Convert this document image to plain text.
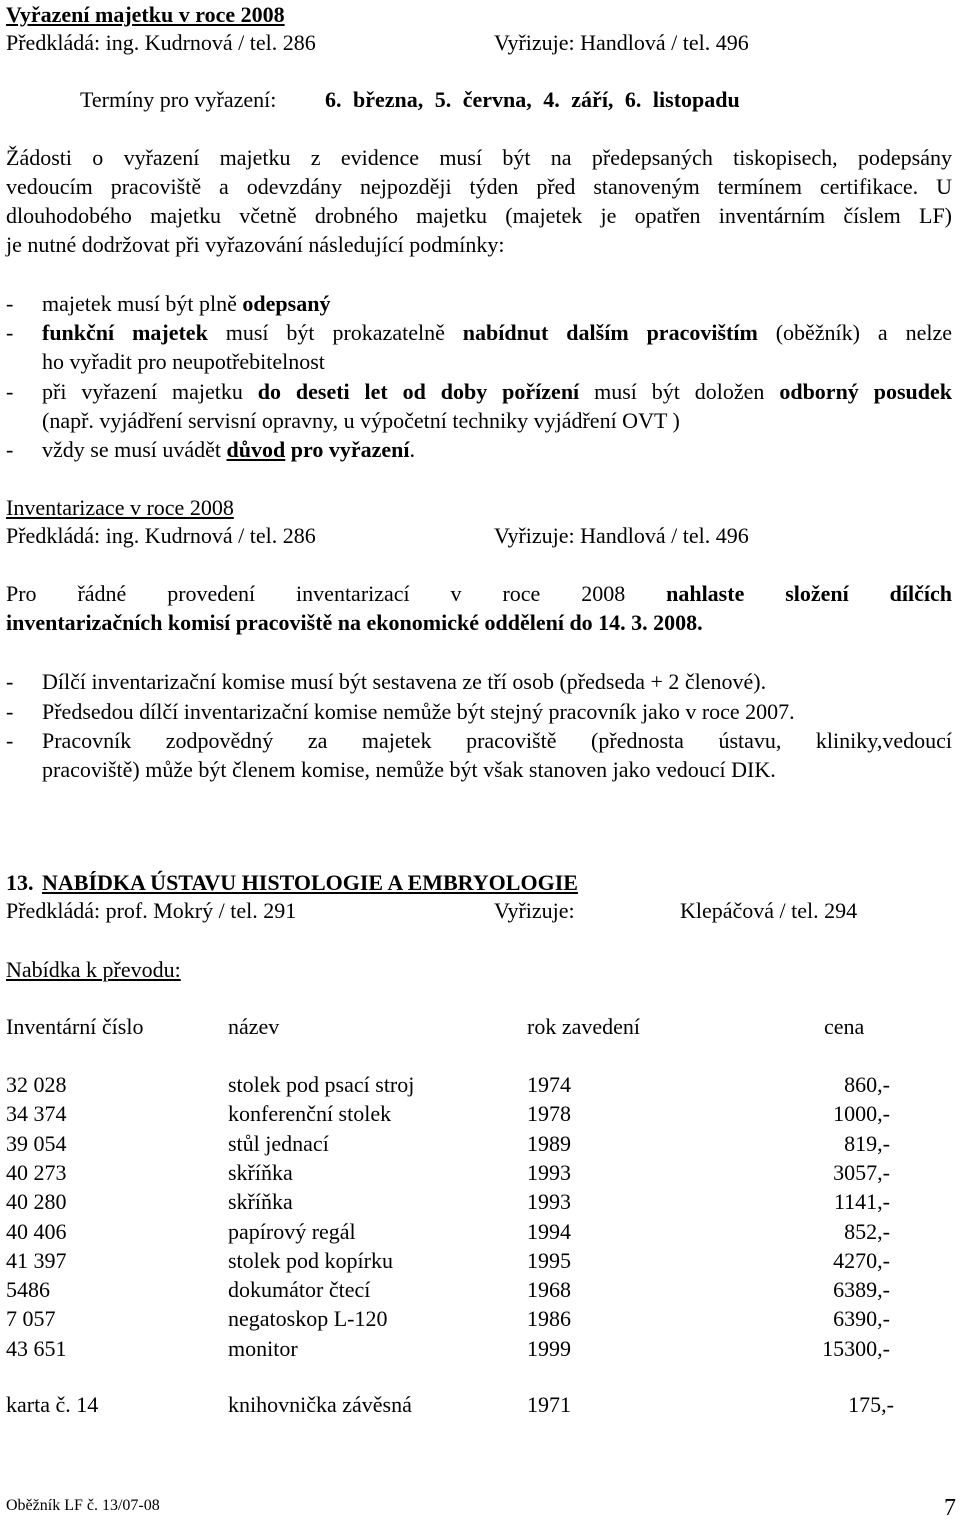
Vyřazení majetku v roce 2008
Předkládá: ing. Kudrnová / tel. 286	Vyřizuje: Handlová / tel. 496
Termíny pro vyřazení: 6. března, 5. června, 4. září, 6. listopadu
Žádosti o vyřazení majetku z evidence musí být na předepsaných tiskopisech, podepsány
vedoucím pracoviště a odevzdány nejpozději týden před stanoveným termínem certifikace. U
dlouhodobého majetku včetně drobného majetku (majetek je opatřen inventárním číslem LF)
je nutné dodržovat při vyřazování následující podmínky:
- majetek musí být plně odepsaný
- funkční majetek musí být prokazatelně nabídnut dalším pracovištím (oběžník) a nelze
ho vyřadit pro neupotřebitelnost
- při vyřazení majetku do deseti let od doby pořízení musí být doložen odborný posudek
(např. vyjádření servisní opravny, u výpočetní techniky vyjádření OVT )
- vždy se musí uvádět důvod pro vyřazení.
Inventarizace v roce 2008
Předkládá: ing. Kudrnová / tel. 286	Vyřizuje: Handlová / tel. 496
Pro řádné provedení inventarizací v roce 2008 nahlaste složení dílčích
inventarizačních komisí pracoviště na ekonomické oddělení do 14. 3. 2008.
- Dílčí inventarizační komise musí být sestavena ze tří osob (předseda + 2 členové).
- Předsedou dílčí inventarizační komise nemůže být stejný pracovník jako v roce 2007.
- Pracovník zodpovědný za majetek pracoviště (přednosta ústavu, kliniky,vedoucí
pracoviště) může být členem komise, nemůže být však stanoven jako vedoucí DIK.
13. NABÍDKA ÚSTAVU HISTOLOGIE A EMBRYOLOGIE
Předkládá: prof. Mokrý / tel. 291	Vyřizuje:	Klepáčová / tel. 294
Nabídka k převodu:
Inventární číslo	název	rok zavedení	cena
32 028	stolek pod psací stroj	1974	860,-
34 374	konferenční stolek	1978	1000,-
39 054	stůl jednací	1989	819,-
40 273	skříňka	1993	3057,-
40 280	skříňka	1993	1141,-
40 406	papírový regál	1994	852,-
41 397	stolek pod kopírku	1995	4270,-
5486	dokumátor čtecí	1968	6389,-
7 057	negatoskop L-120	1986	6390,-
43 651	monitor	1999	15300,-
karta č. 14	knihovnička závěsná	1971	175,-
Oběžník LF č. 13/07-08	7
